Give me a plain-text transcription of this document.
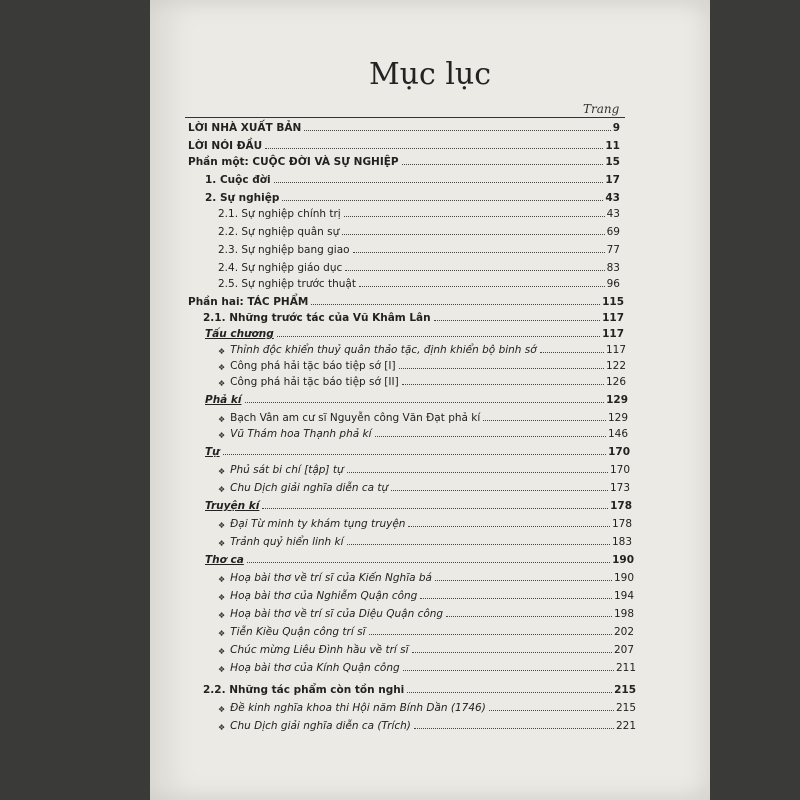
Mục lục
Trang
LỜI NHÀ XUẤT BẢN	9
LỜI NÓI ĐẦU	11
Phần một: CUỘC ĐỜI VÀ SỰ NGHIỆP	15
1. Cuộc đời	17
2. Sự nghiệp	43
2.1. Sự nghiệp chính trị	43
2.2. Sự nghiệp quân sự	69
2.3. Sự nghiệp bang giao	77
2.4. Sự nghiệp giáo dục	83
2.5. Sự nghiệp trước thuật	96
Phần hai: TÁC PHẨM	115
2.1. Những trước tác của Vũ Khâm Lân	117
Tấu chương	117
❖ Thỉnh độc khiển thuỷ quân thảo tặc, định khiển bộ binh sớ	117
❖ Công phá hải tặc báo tiệp sớ [I]	122
❖ Công phá hải tặc báo tiệp sớ [II]	126
Phả kí	129
❖ Bạch Vân am cư sĩ Nguyễn công Văn Đạt phả kí	129
❖ Vũ Thám hoa Thạnh phả kí	146
Tự	170
❖ Phủ sát bi chí [tập] tự	170
❖ Chu Dịch giải nghĩa diễn ca tự	173
Truyện kí	178
❖ Đại Từ minh ty khám tụng truyện	178
❖ Trảnh quỷ hiển linh kí	183
Thơ ca	190
❖ Hoạ bài thơ về trí sĩ của Kiến Nghĩa bá	190
❖ Hoạ bài thơ của Nghiễm Quận công	194
❖ Hoạ bài thơ về trí sĩ của Diệu Quận công	198
❖ Tiễn Kiều Quận công trí sĩ	202
❖ Chúc mừng Liêu Đình hầu về trí sĩ	207
❖ Hoạ bài thơ của Kính Quận công	211
2.2. Những tác phẩm còn tồn nghi	215
❖ Đề kinh nghĩa khoa thi Hội năm Bính Dần (1746)	215
❖ Chu Dịch giải nghĩa diễn ca (Trích)	221
